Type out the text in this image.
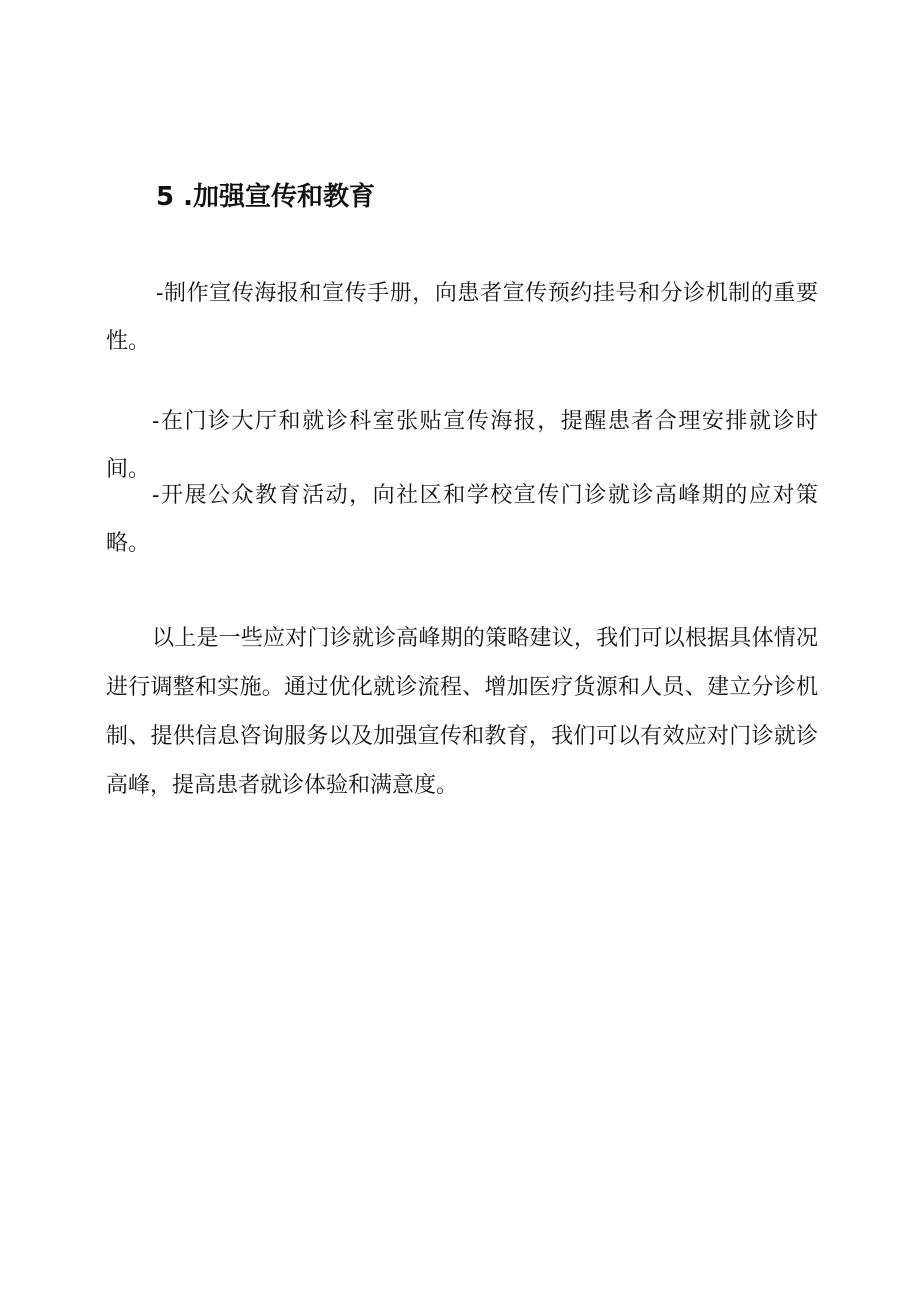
5 .加强宣传和教育

-制作宣传海报和宣传手册，向患者宣传预约挂号和分诊机制的重要性。

-在门诊大厅和就诊科室张贴宣传海报，提醒患者合理安排就诊时间。

-开展公众教育活动，向社区和学校宣传门诊就诊高峰期的应对策略。

以上是一些应对门诊就诊高峰期的策略建议，我们可以根据具体情况进行调整和实施。通过优化就诊流程、增加医疗货源和人员、建立分诊机制、提供信息咨询服务以及加强宣传和教育，我们可以有效应对门诊就诊高峰，提高患者就诊体验和满意度。
